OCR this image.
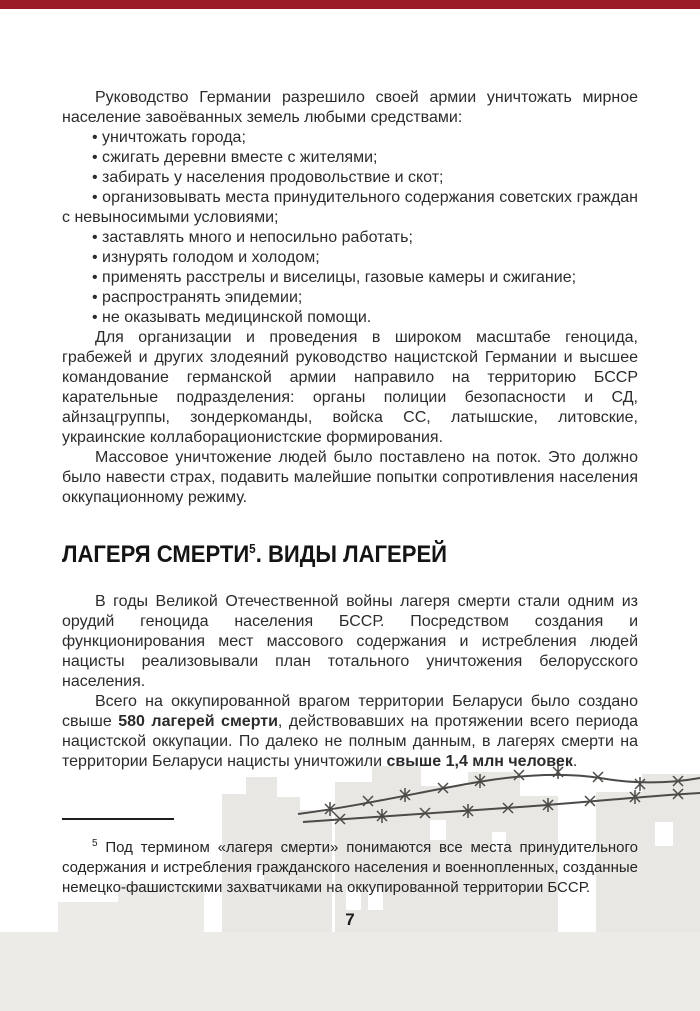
Руководство Германии разрешило своей армии уничтожать мирное население завоёванных земель любыми средствами:

• уничтожать города;

• сжигать деревни вместе с жителями;

• забирать у населения продовольствие и скот;

• организовывать места принудительного содержания советских граждан с невыносимыми условиями;

• заставлять много и непосильно работать;

• изнурять голодом и холодом;

• применять расстрелы и виселицы, газовые камеры и сжигание;

• распространять эпидемии;

• не оказывать медицинской помощи.

Для организации и проведения в широком масштабе геноцида, грабежей и других злодеяний руководство нацистской Германии и высшее командование германской армии направило на территорию БССР карательные подразделения: органы полиции безопасности и СД, айнзацгруппы, зондеркоманды, войска СС, латышские, литовские, украинские коллаборационистские формирования.

Массовое уничтожение людей было поставлено на поток. Это должно было навести страх, подавить малейшие попытки сопротивления населения оккупационному режиму.

ЛАГЕРЯ СМЕРТИ$^5$. ВИДЫ ЛАГЕРЕЙ

В годы Великой Отечественной войны лагеря смерти стали одним из орудий геноцида населения БССР. Посредством создания и функционирования мест массового содержания и истребления людей нацисты реализовывали план тотального уничтожения белорусского населения.

Всего на оккупированной врагом территории Беларуси было создано свыше 580 лагерей смерти, действовавших на протяжении всего периода нацистской оккупации. По далеко не полным данным, в лагерях смерти на территории Беларуси нацисты уничтожили свыше 1,4 млн человек.

$^5$ Под термином «лагеря смерти» понимаются все места принудительного содержания и истребления гражданского населения и военнопленных, созданные немецко-фашистскими захватчиками на оккупированной территории БССР.

7
